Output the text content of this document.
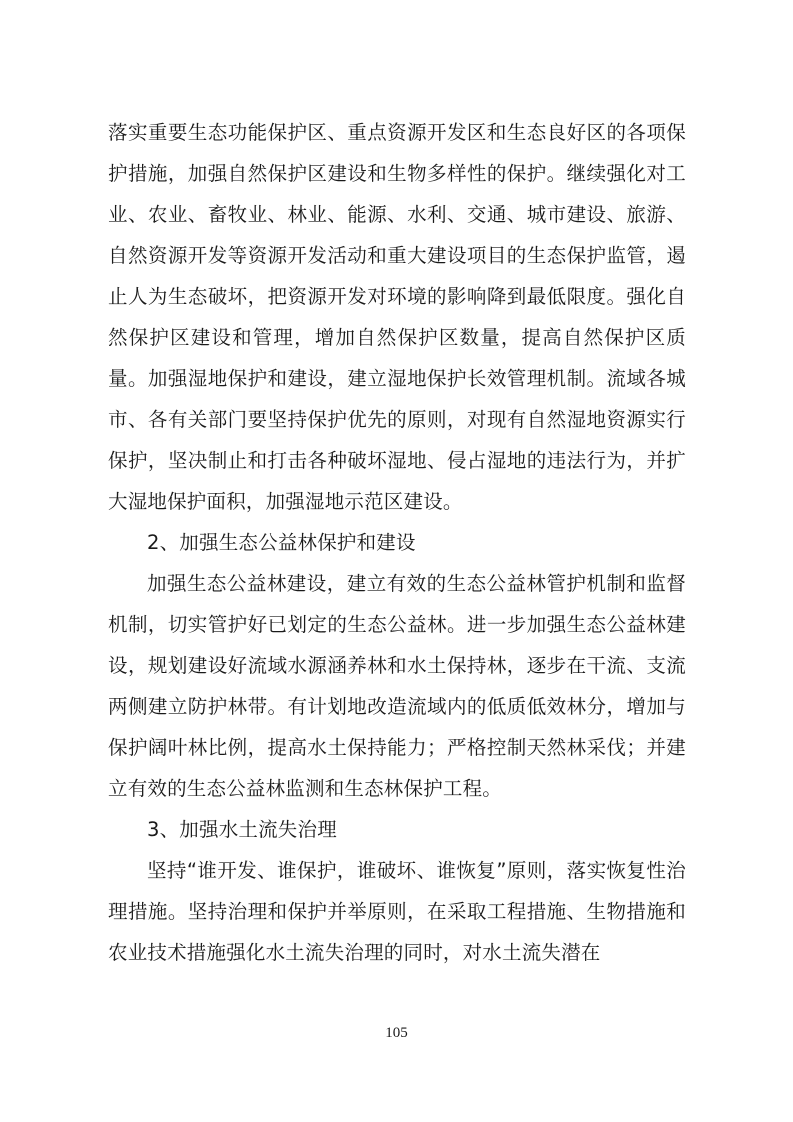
落实重要生态功能保护区、重点资源开发区和生态良好区的各项保护措施，加强自然保护区建设和生物多样性的保护。继续强化对工业、农业、畜牧业、林业、能源、水利、交通、城市建设、旅游、自然资源开发等资源开发活动和重大建设项目的生态保护监管，遏止人为生态破坏，把资源开发对环境的影响降到最低限度。强化自然保护区建设和管理，增加自然保护区数量，提高自然保护区质量。加强湿地保护和建设，建立湿地保护长效管理机制。流域各城市、各有关部门要坚持保护优先的原则，对现有自然湿地资源实行保护，坚决制止和打击各种破坏湿地、侵占湿地的违法行为，并扩大湿地保护面积，加强湿地示范区建设。

2、加强生态公益林保护和建设

加强生态公益林建设，建立有效的生态公益林管护机制和监督机制，切实管护好已划定的生态公益林。进一步加强生态公益林建设，规划建设好流域水源涵养林和水土保持林，逐步在干流、支流两侧建立防护林带。有计划地改造流域内的低质低效林分，增加与保护阔叶林比例，提高水土保持能力；严格控制天然林采伐；并建立有效的生态公益林监测和生态林保护工程。

3、加强水土流失治理

坚持“谁开发、谁保护，谁破坏、谁恢复”原则，落实恢复性治理措施。坚持治理和保护并举原则，在采取工程措施、生物措施和农业技术措施强化水土流失治理的同时，对水土流失潜在

105
